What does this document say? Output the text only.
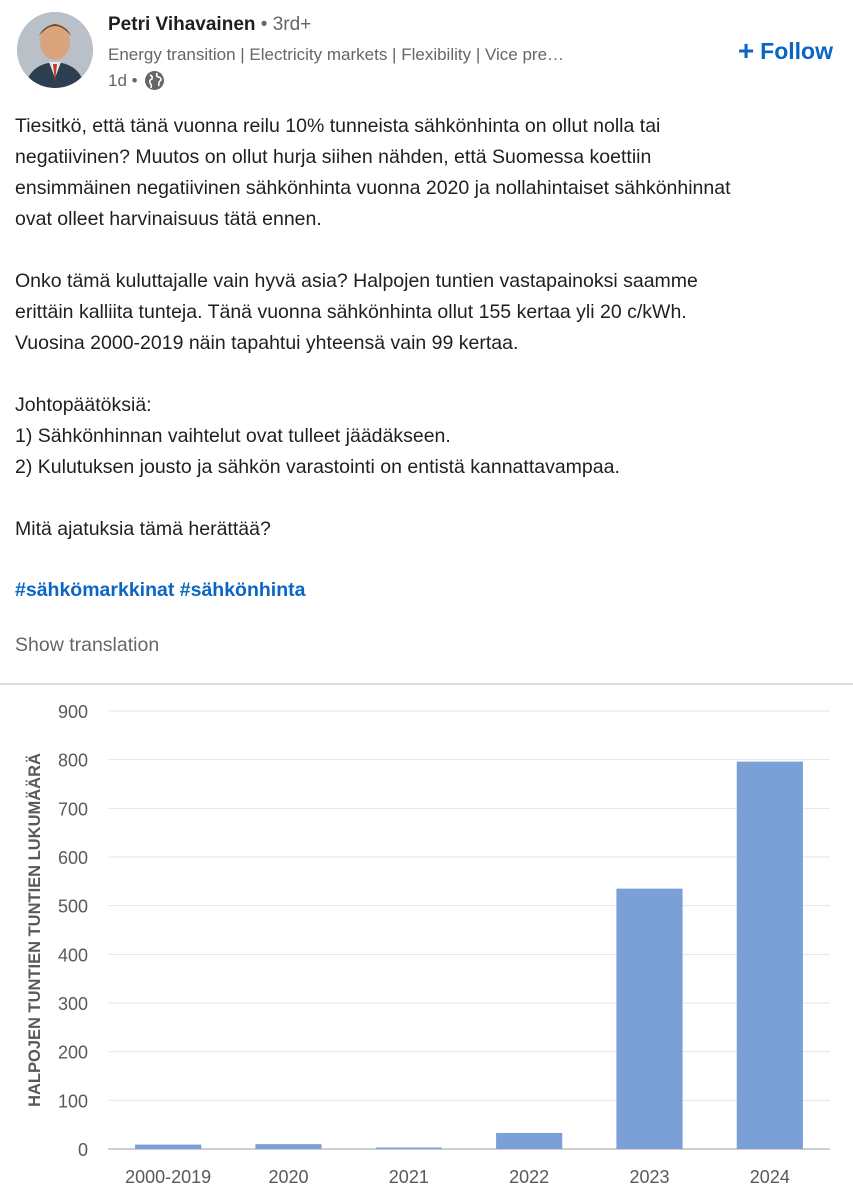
Petri Vihavainen • 3rd+
Energy transition | Electricity markets | Flexibility | Vice pre…
1d •
+ Follow

Tiesitkö, että tänä vuonna reilu 10% tunneista sähkönhinta on ollut nolla tai

negatiivinen? Muutos on ollut hurja siihen nähden, että Suomessa koettiin

ensimmäinen negatiivinen sähkönhinta vuonna 2020 ja nollahintaiset sähkönhinnat

ovat olleet harvinaisuus tätä ennen.

Onko tämä kuluttajalle vain hyvä asia? Halpojen tuntien vastapainoksi saamme

erittäin kalliita tunteja. Tänä vuonna sähkönhinta ollut 155 kertaa yli 20 c/kWh.

Vuosina 2000-2019 näin tapahtui yhteensä vain 99 kertaa.

Johtopäätöksiä:

1) Sähkönhinnan vaihtelut ovat tulleet jäädäkseen.

2) Kulutuksen jousto ja sähkön varastointi on entistä kannattavampaa.

Mitä ajatuksia tämä herättää?

#sähkömarkkinat #sähkönhinta
Show translation
0
100
200
300
400
500
600
700
800
900
2000-2019	2020	2021	2022	2023	2024
HALPOJEN TUNTIEN TUNTIEN LUKUMÄÄRÄ
